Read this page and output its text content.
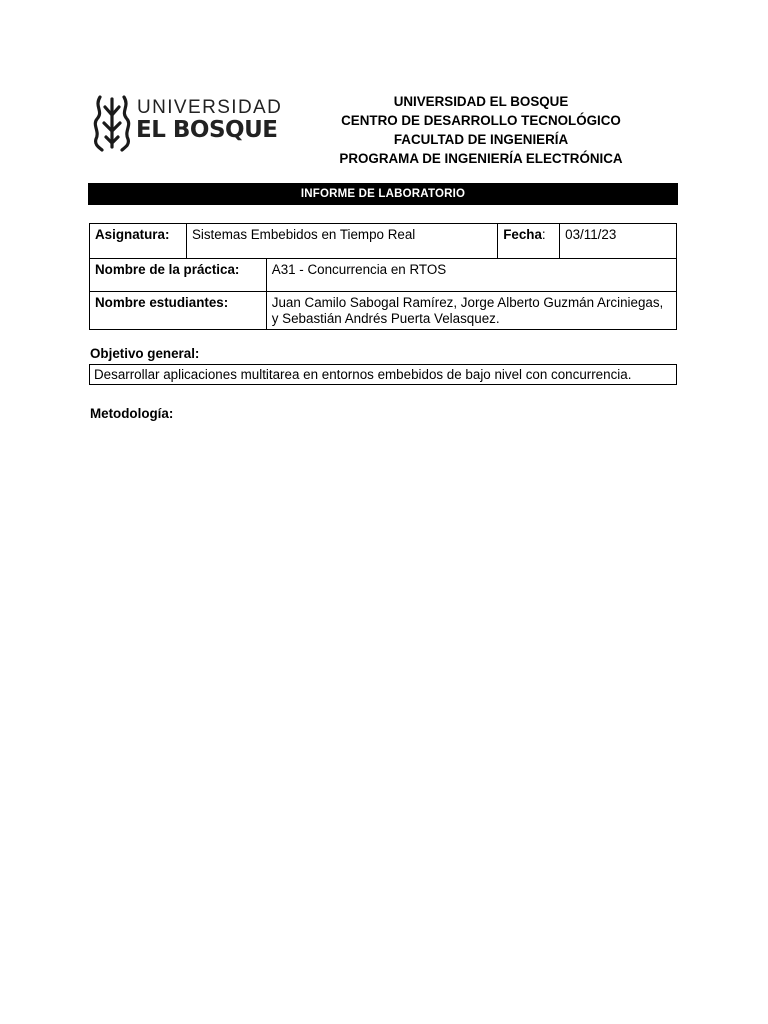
UNIVERSIDAD
EL BOSQUE
UNIVERSIDAD EL BOSQUE
CENTRO DE DESARROLLO TECNOLÓGICO
FACULTAD DE INGENIERÍA
PROGRAMA DE INGENIERÍA ELECTRÓNICA
INFORME DE LABORATORIO
Asignatura:	Sistemas Embebidos en Tiempo Real		Fecha:	03/11/23
Nombre de la práctica:		A31 - Concurrencia en RTOS		
Nombre estudiantes:		Juan Camilo Sabogal Ramírez, Jorge Alberto Guzmán Arciniegas, y Sebastián Andrés Puerta Velasquez.		
Objetivo general:
Desarrollar aplicaciones multitarea en entornos embebidos de bajo nivel con concurrencia.
Metodología:
